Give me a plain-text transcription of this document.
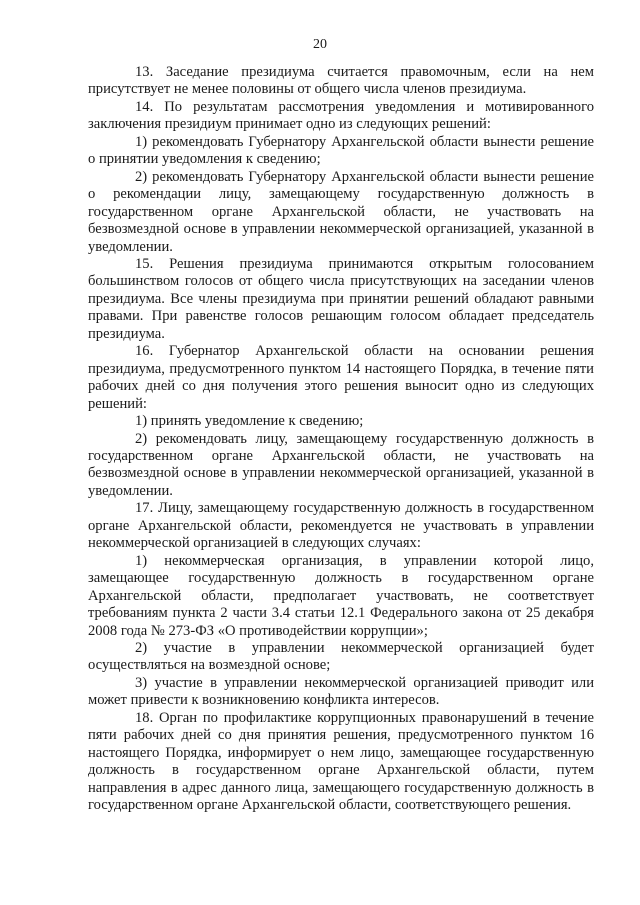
20

13. Заседание президиума считается правомочным, если на нем присутствует не менее половины от общего числа членов президиума.

14. По результатам рассмотрения уведомления и мотивированного заключения президиум принимает одно из следующих решений:

1) рекомендовать Губернатору Архангельской области вынести решение о принятии уведомления к сведению;

2) рекомендовать Губернатору Архангельской области вынести решение о рекомендации лицу, замещающему государственную должность в государственном органе Архангельской области, не участвовать на безвозмездной основе в управлении некоммерческой организацией, указанной в уведомлении.

15. Решения президиума принимаются открытым голосованием большинством голосов от общего числа присутствующих на заседании членов президиума. Все члены президиума при принятии решений обладают равными правами. При равенстве голосов решающим голосом обладает председатель президиума.

16. Губернатор Архангельской области на основании решения президиума, предусмотренного пунктом 14 настоящего Порядка, в течение пяти рабочих дней со дня получения этого решения выносит одно из следующих решений:

1) принять уведомление к сведению;

2) рекомендовать лицу, замещающему государственную должность в государственном органе Архангельской области, не участвовать на безвозмездной основе в управлении некоммерческой организацией, указанной в уведомлении.

17. Лицу, замещающему государственную должность в государственном органе Архангельской области, рекомендуется не участвовать в управлении некоммерческой организацией в следующих случаях:

1) некоммерческая организация, в управлении которой лицо, замещающее государственную должность в государственном органе Архангельской области, предполагает участвовать, не соответствует требованиям пункта 2 части 3.4 статьи 12.1 Федерального закона от 25 декабря 2008 года № 273-ФЗ «О противодействии коррупции»;

2) участие в управлении некоммерческой организацией будет осуществляться на возмездной основе;

3) участие в управлении некоммерческой организацией приводит или может привести к возникновению конфликта интересов.

18. Орган по профилактике коррупционных правонарушений в течение пяти рабочих дней со дня принятия решения, предусмотренного пунктом 16 настоящего Порядка, информирует о нем лицо, замещающее государственную должность в государственном органе Архангельской области, путем направления в адрес данного лица, замещающего государственную должность в государственном органе Архангельской области, соответствующего решения.
